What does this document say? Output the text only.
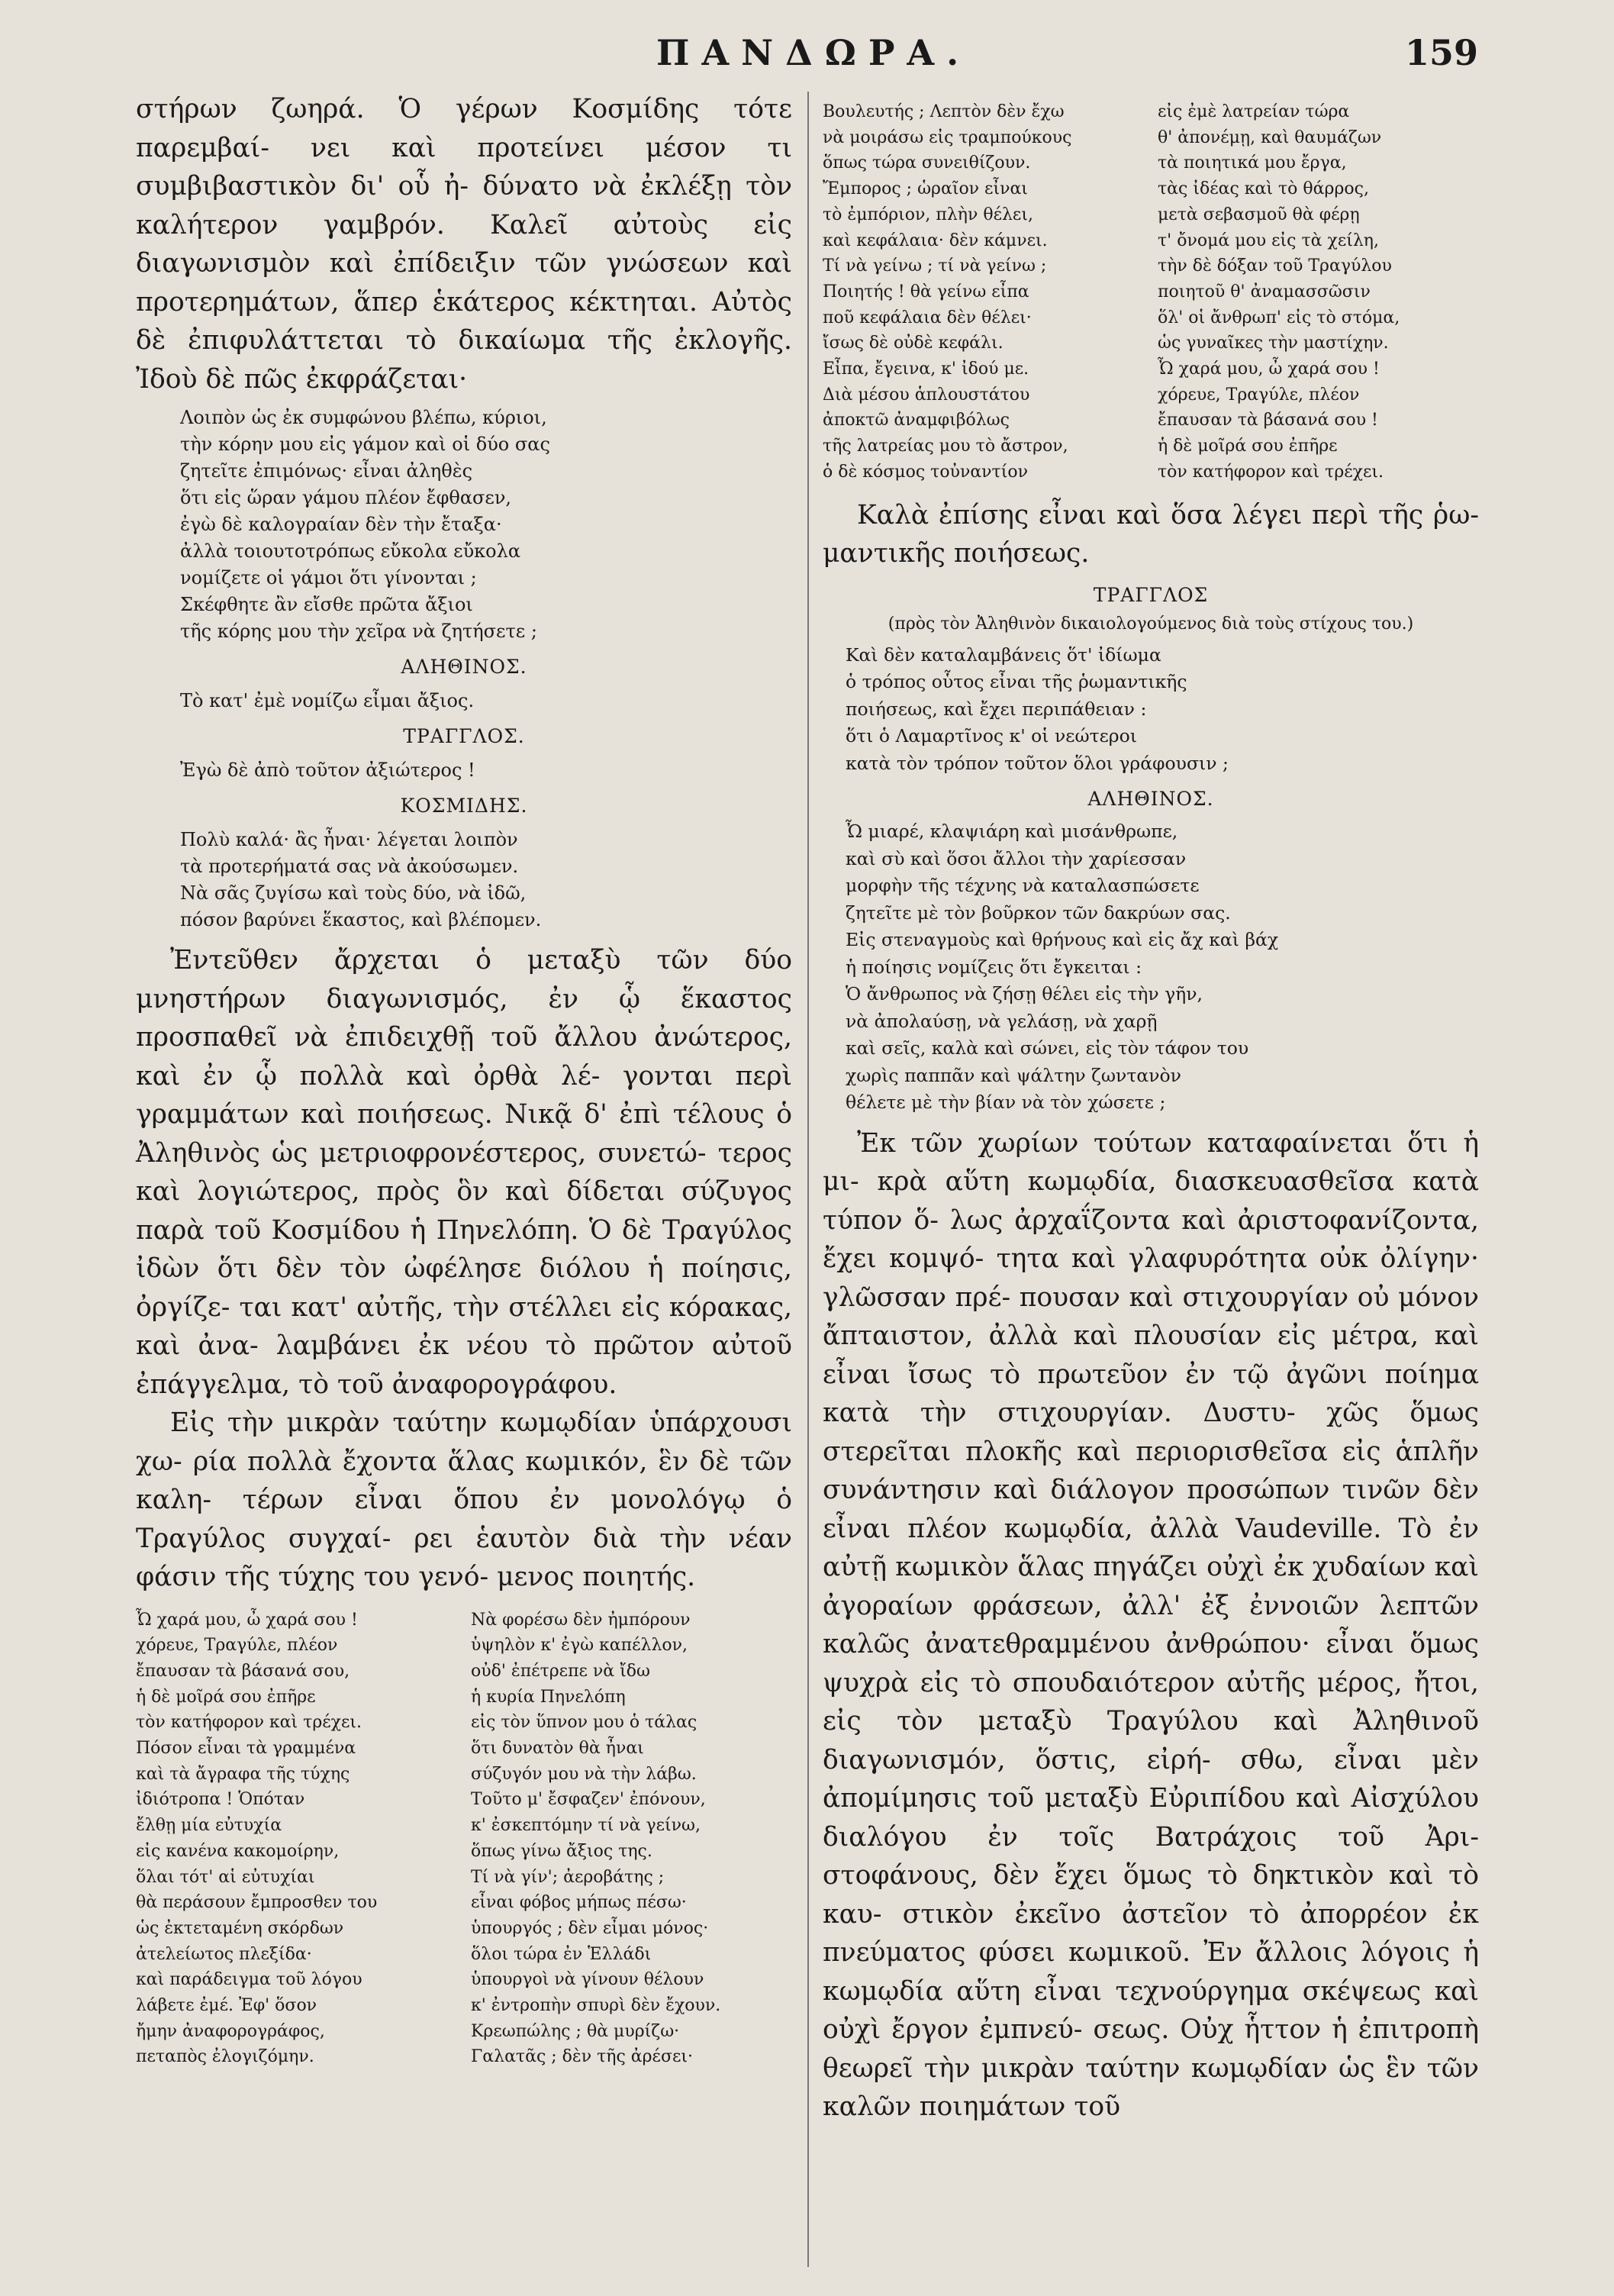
ΠΑΝΔΩΡΑ.	159

στήρων ζωηρά. Ὁ γέρων Κοσμίδης τότε παρεμβαί- νει καὶ προτείνει μέσον τι συμβιβαστικὸν δι' οὗ ἠ- δύνατο νὰ ἐκλέξῃ τὸν καλήτερον γαμβρόν. Καλεῖ αὐτοὺς εἰς διαγωνισμὸν καὶ ἐπίδειξιν τῶν γνώσεων καὶ προτερημάτων, ἅπερ ἑκάτερος κέκτηται. Αὐτὸς δὲ ἐπιφυλάττεται τὸ δικαίωμα τῆς ἐκλογῆς. Ἰδοὺ δὲ πῶς ἐκφράζεται·

Λοιπὸν ὡς ἐκ συμφώνου βλέπω, κύριοι,
τὴν κόρην μου εἰς γάμον καὶ οἱ δύο σας
ζητεῖτε ἐπιμόνως· εἶναι ἀληθὲς
ὅτι εἰς ὥραν γάμου πλέον ἔφθασεν,
ἐγὼ δὲ καλογραίαν δὲν τὴν ἔταξα·
ἀλλὰ τοιουτοτρόπως εὔκολα εὔκολα
νομίζετε οἱ γάμοι ὅτι γίνονται ;
Σκέφθητε ἂν εἴσθε πρῶτα ἄξιοι
τῆς κόρης μου τὴν χεῖρα νὰ ζητήσετε ;
ΑΛΗΘΙΝΟΣ.
Τὸ κατ' ἐμὲ νομίζω εἶμαι ἄξιος.
ΤΡΑΓΓΛΟΣ.
Ἐγὼ δὲ ἀπὸ τοῦτον ἀξιώτερος !
ΚΟΣΜΙΔΗΣ.
Πολὺ καλά· ἂς ἦναι· λέγεται λοιπὸν
τὰ προτερήματά σας νὰ ἀκούσωμεν.
Νὰ σᾶς ζυγίσω καὶ τοὺς δύο, νὰ ἰδῶ,
πόσον βαρύνει ἕκαστος, καὶ βλέπομεν.

Ἐντεῦθεν ἄρχεται ὁ μεταξὺ τῶν δύο μνηστήρων διαγωνισμός, ἐν ᾧ ἕκαστος προσπαθεῖ νὰ ἐπιδειχθῇ τοῦ ἄλλου ἀνώτερος, καὶ ἐν ᾧ πολλὰ καὶ ὀρθὰ λέ- γονται περὶ γραμμάτων καὶ ποιήσεως. Νικᾷ δ' ἐπὶ τέλους ὁ Ἀληθινὸς ὡς μετριοφρονέστερος, συνετώ- τερος καὶ λογιώτερος, πρὸς ὃν καὶ δίδεται σύζυγος παρὰ τοῦ Κοσμίδου ἡ Πηνελόπη. Ὁ δὲ Τραγύλος ἰδὼν ὅτι δὲν τὸν ὠφέλησε διόλου ἡ ποίησις, ὀργίζε- ται κατ' αὐτῆς, τὴν στέλλει εἰς κόρακας, καὶ ἀνα- λαμβάνει ἐκ νέου τὸ πρῶτον αὐτοῦ ἐπάγγελμα, τὸ τοῦ ἀναφορογράφου.

Εἰς τὴν μικρὰν ταύτην κωμῳδίαν ὑπάρχουσι χω- ρία πολλὰ ἔχοντα ἅλας κωμικόν, ἓν δὲ τῶν καλη- τέρων εἶναι ὅπου ἐν μονολόγῳ ὁ Τραγύλος συγχαί- ρει ἑαυτὸν διὰ τὴν νέαν φάσιν τῆς τύχης του γενό- μενος ποιητής.

Ὦ χαρά μου, ὦ χαρά σου !
χόρευε, Τραγύλε, πλέον
ἔπαυσαν τὰ βάσανά σου,
ἡ δὲ μοῖρά σου ἐπῆρε
τὸν κατήφορον καὶ τρέχει.
Πόσον εἶναι τὰ γραμμένα
καὶ τὰ ἄγραφα τῆς τύχης
ἰδιότροπα ! Ὁπόταν
ἔλθῃ μία εὐτυχία
εἰς κανένα κακομοίρην,
ὅλαι τότ' αἱ εὐτυχίαι
θὰ περάσουν ἔμπροσθεν του
ὡς ἐκτεταμένη σκόρδων
ἀτελείωτος πλεξίδα·
καὶ παράδειγμα τοῦ λόγου
λάβετε ἐμέ. Ἐφ' ὅσον
ἤμην ἀναφορογράφος,
πεταπὸς ἐλογιζόμην.
Νὰ φορέσω δὲν ἠμπόρουν
ὑψηλὸν κ' ἐγὼ καπέλλον,
οὐδ' ἐπέτρεπε νὰ ἴδω
ἡ κυρία Πηνελόπη
εἰς τὸν ὕπνον μου ὁ τάλας
ὅτι δυνατὸν θὰ ἦναι
σύζυγόν μου νὰ τὴν λάβω.
Τοῦτο μ' ἔσφαζεν' ἐπόνουν,
κ' ἐσκεπτόμην τί νὰ γείνω,
ὅπως γίνω ἄξιος της.
Τί νὰ γίν'; ἀεροβάτης ;
εἶναι φόβος μήπως πέσω·
ὑπουργός ; δὲν εἶμαι μόνος·
ὅλοι τώρα ἐν Ἑλλάδι
ὑπουργοὶ νὰ γίνουν θέλουν
κ' ἐντροπὴν σπυρὶ δὲν ἔχουν.
Κρεωπώλης ; θὰ μυρίζω·
Γαλατᾶς ; δὲν τῆς ἀρέσει·
Βουλευτής ; Λεπτὸν δὲν ἔχω
νὰ μοιράσω εἰς τραμπούκους
ὅπως τώρα συνειθίζουν.
Ἔμπορος ; ὡραῖον εἶναι
τὸ ἐμπόριον, πλὴν θέλει,
καὶ κεφάλαια· δὲν κάμνει.
Τί νὰ γείνω ; τί νὰ γείνω ;
Ποιητής ! θὰ γείνω εἶπα
ποῦ κεφάλαια δὲν θέλει·
ἴσως δὲ οὐδὲ κεφάλι.
Εἶπα, ἔγεινα, κ' ἰδού με.
Διὰ μέσου ἁπλουστάτου
ἀποκτῶ ἀναμφιβόλως
τῆς λατρείας μου τὸ ἄστρον,
ὁ δὲ κόσμος τοὐναντίον
εἰς ἐμὲ λατρείαν τώρα
θ' ἀπονέμῃ, καὶ θαυμάζων
τὰ ποιητικά μου ἔργα,
τὰς ἰδέας καὶ τὸ θάρρος,
μετὰ σεβασμοῦ θὰ φέρῃ
τ' ὄνομά μου εἰς τὰ χείλη,
τὴν δὲ δόξαν τοῦ Τραγύλου
ποιητοῦ θ' ἀναμασσῶσιν
ὅλ' οἱ ἄνθρωπ' εἰς τὸ στόμα,
ὡς γυναῖκες τὴν μαστίχην.
Ὦ χαρά μου, ὦ χαρά σου !
χόρευε, Τραγύλε, πλέον
ἔπαυσαν τὰ βάσανά σου !
ἡ δὲ μοῖρά σου ἐπῆρε
τὸν κατήφορον καὶ τρέχει.

Καλὰ ἐπίσης εἶναι καὶ ὅσα λέγει περὶ τῆς ῥω- μαντικῆς ποιήσεως.

ΤΡΑΓΓΛΟΣ
(πρὸς τὸν Ἀληθινὸν δικαιολογούμενος διὰ τοὺς στίχους του.)
Καὶ δὲν καταλαμβάνεις ὅτ' ἰδίωμα
ὁ τρόπος οὗτος εἶναι τῆς ῥωμαντικῆς
ποιήσεως, καὶ ἔχει περιπάθειαν :
ὅτι ὁ Λαμαρτῖνος κ' οἱ νεώτεροι
κατὰ τὸν τρόπον τοῦτον ὅλοι γράφουσιν ;
ΑΛΗΘΙΝΟΣ.
Ὦ μιαρέ, κλαψιάρη καὶ μισάνθρωπε,
καὶ σὺ καὶ ὅσοι ἄλλοι τὴν χαρίεσσαν
μορφὴν τῆς τέχνης νὰ καταλασπώσετε
ζητεῖτε μὲ τὸν βοῦρκον τῶν δακρύων σας.
Εἰς στεναγμοὺς καὶ θρήνους καὶ εἰς ἄχ καὶ βάχ
ἡ ποίησις νομίζεις ὅτι ἔγκειται :
Ὁ ἄνθρωπος νὰ ζήσῃ θέλει εἰς τὴν γῆν,
νὰ ἀπολαύσῃ, νὰ γελάσῃ, νὰ χαρῇ
καὶ σεῖς, καλὰ καὶ σώνει, εἰς τὸν τάφον του
χωρὶς παππᾶν καὶ ψάλτην ζωντανὸν
θέλετε μὲ τὴν βίαν νὰ τὸν χώσετε ;

Ἐκ τῶν χωρίων τούτων καταφαίνεται ὅτι ἡ μι- κρὰ αὕτη κωμῳδία, διασκευασθεῖσα κατὰ τύπον ὅ- λως ἀρχαΐζοντα καὶ ἀριστοφανίζοντα, ἔχει κομψό- τητα καὶ γλαφυρότητα οὐκ ὀλίγην· γλῶσσαν πρέ- πουσαν καὶ στιχουργίαν οὐ μόνον ἄπταιστον, ἀλλὰ καὶ πλουσίαν εἰς μέτρα, καὶ εἶναι ἴσως τὸ πρωτεῦον ἐν τῷ ἀγῶνι ποίημα κατὰ τὴν στιχουργίαν. Δυστυ- χῶς ὅμως στερεῖται πλοκῆς καὶ περιορισθεῖσα εἰς ἁπλῆν συνάντησιν καὶ διάλογον προσώπων τινῶν δὲν εἶναι πλέον κωμῳδία, ἀλλὰ Vaudeville. Τὸ ἐν αὐτῇ κωμικὸν ἅλας πηγάζει οὐχὶ ἐκ χυδαίων καὶ ἀγοραίων φράσεων, ἀλλ' ἐξ ἐννοιῶν λεπτῶν καλῶς ἀνατεθραμμένου ἀνθρώπου· εἶναι ὅμως ψυχρὰ εἰς τὸ σπουδαιότερον αὐτῆς μέρος, ἤτοι, εἰς τὸν μεταξὺ Τραγύλου καὶ Ἀληθινοῦ διαγωνισμόν, ὅστις, εἰρή- σθω, εἶναι μὲν ἀπομίμησις τοῦ μεταξὺ Εὐριπίδου καὶ Αἰσχύλου διαλόγου ἐν τοῖς Βατράχοις τοῦ Ἀρι- στοφάνους, δὲν ἔχει ὅμως τὸ δηκτικὸν καὶ τὸ καυ- στικὸν ἐκεῖνο ἀστεῖον τὸ ἀπορρέον ἐκ πνεύματος φύσει κωμικοῦ. Ἐν ἄλλοις λόγοις ἡ κωμῳδία αὕτη εἶναι τεχνούργημα σκέψεως καὶ οὐχὶ ἔργον ἐμπνεύ- σεως. Οὐχ ἧττον ἡ ἐπιτροπὴ θεωρεῖ τὴν μικρὰν ταύτην κωμῳδίαν ὡς ἓν τῶν καλῶν ποιημάτων τοῦ
